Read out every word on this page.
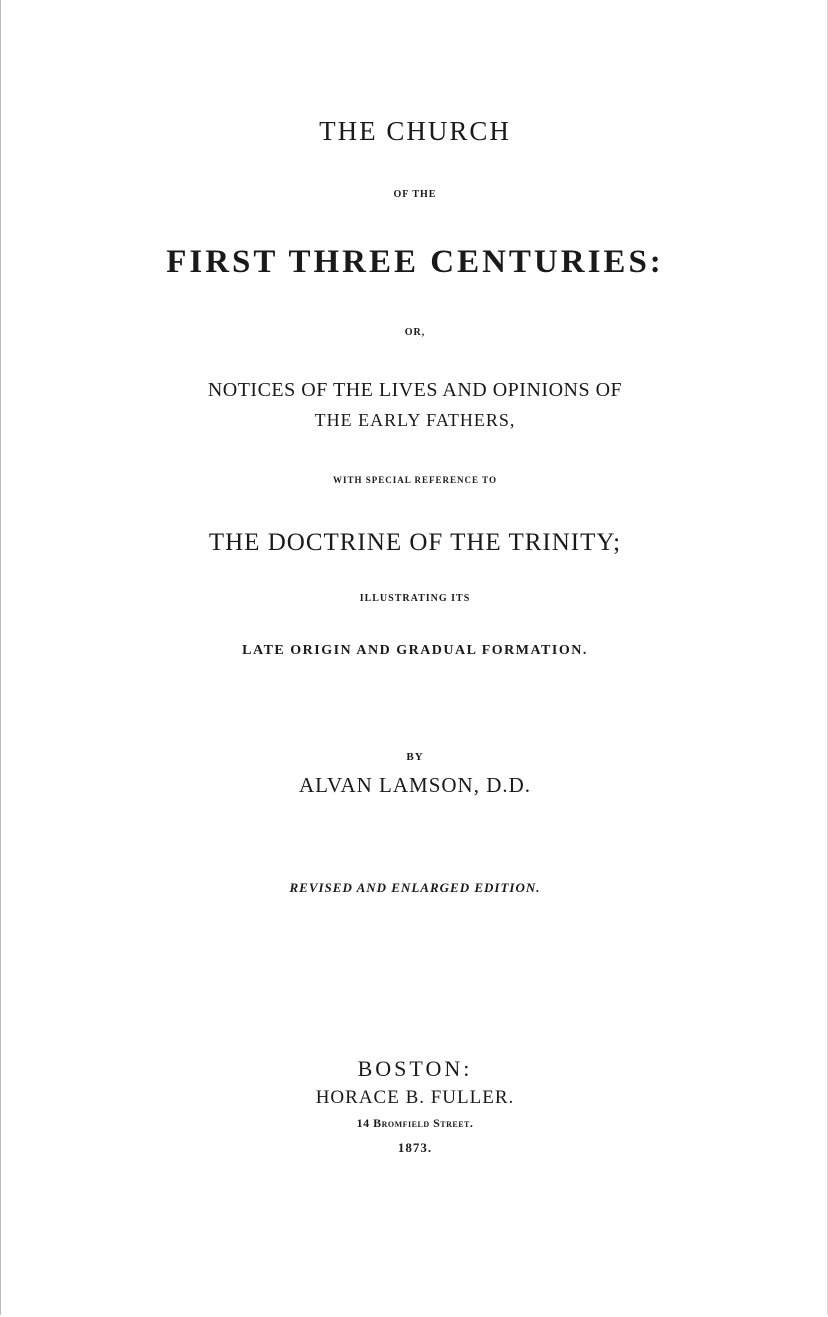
THE CHURCH
OF THE
FIRST THREE CENTURIES:
OR,
NOTICES OF THE LIVES AND OPINIONS OF
THE EARLY FATHERS,
WITH SPECIAL REFERENCE TO
THE DOCTRINE OF THE TRINITY;
ILLUSTRATING ITS
LATE ORIGIN AND GRADUAL FORMATION.
BY
ALVAN LAMSON, D.D.
REVISED AND ENLARGED EDITION.
BOSTON:
HORACE B. FULLER.
14 Bromfield Street.
1873.
